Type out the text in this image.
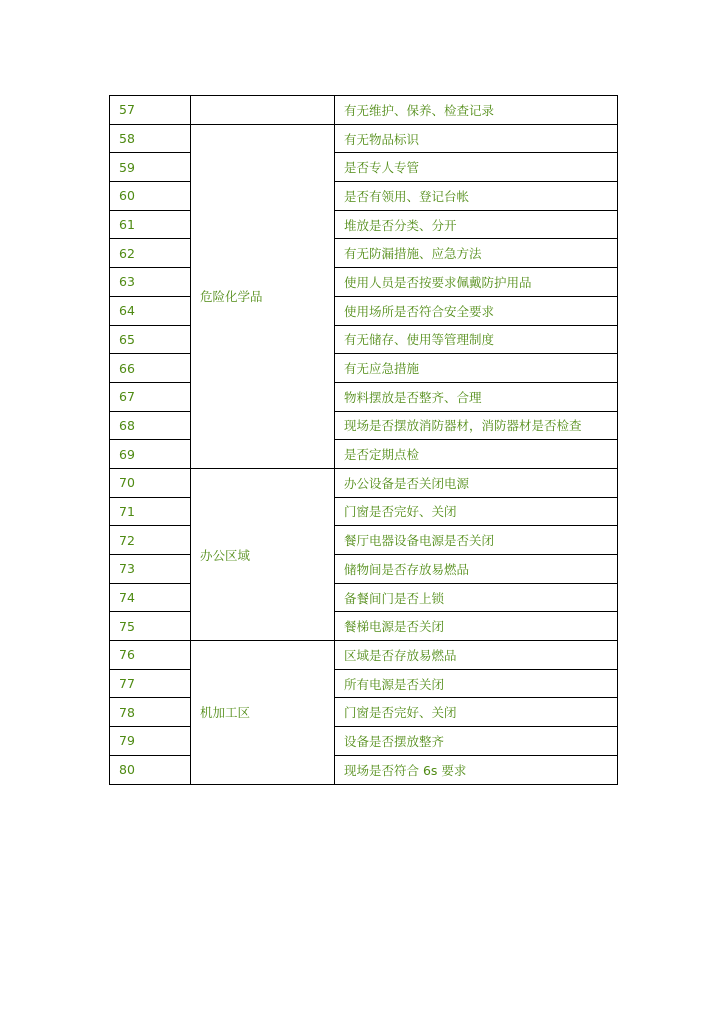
57		有无维护、保养、检查记录
58	危险化学品	有无物品标识
59		是否专人专管
60		是否有领用、登记台帐
61		堆放是否分类、分开
62		有无防漏措施、应急方法
63		使用人员是否按要求佩戴防护用品
64		使用场所是否符合安全要求
65		有无储存、使用等管理制度
66		有无应急措施
67		物料摆放是否整齐、合理
68		现场是否摆放消防器材，消防器材是否检查
69		是否定期点检
70	办公区域	办公设备是否关闭电源
71		门窗是否完好、关闭
72		餐厅电器设备电源是否关闭
73		储物间是否存放易燃品
74		备餐间门是否上锁
75		餐梯电源是否关闭
76	机加工区	区域是否存放易燃品
77		所有电源是否关闭
78		门窗是否完好、关闭
79		设备是否摆放整齐
80		现场是否符合 6s 要求
